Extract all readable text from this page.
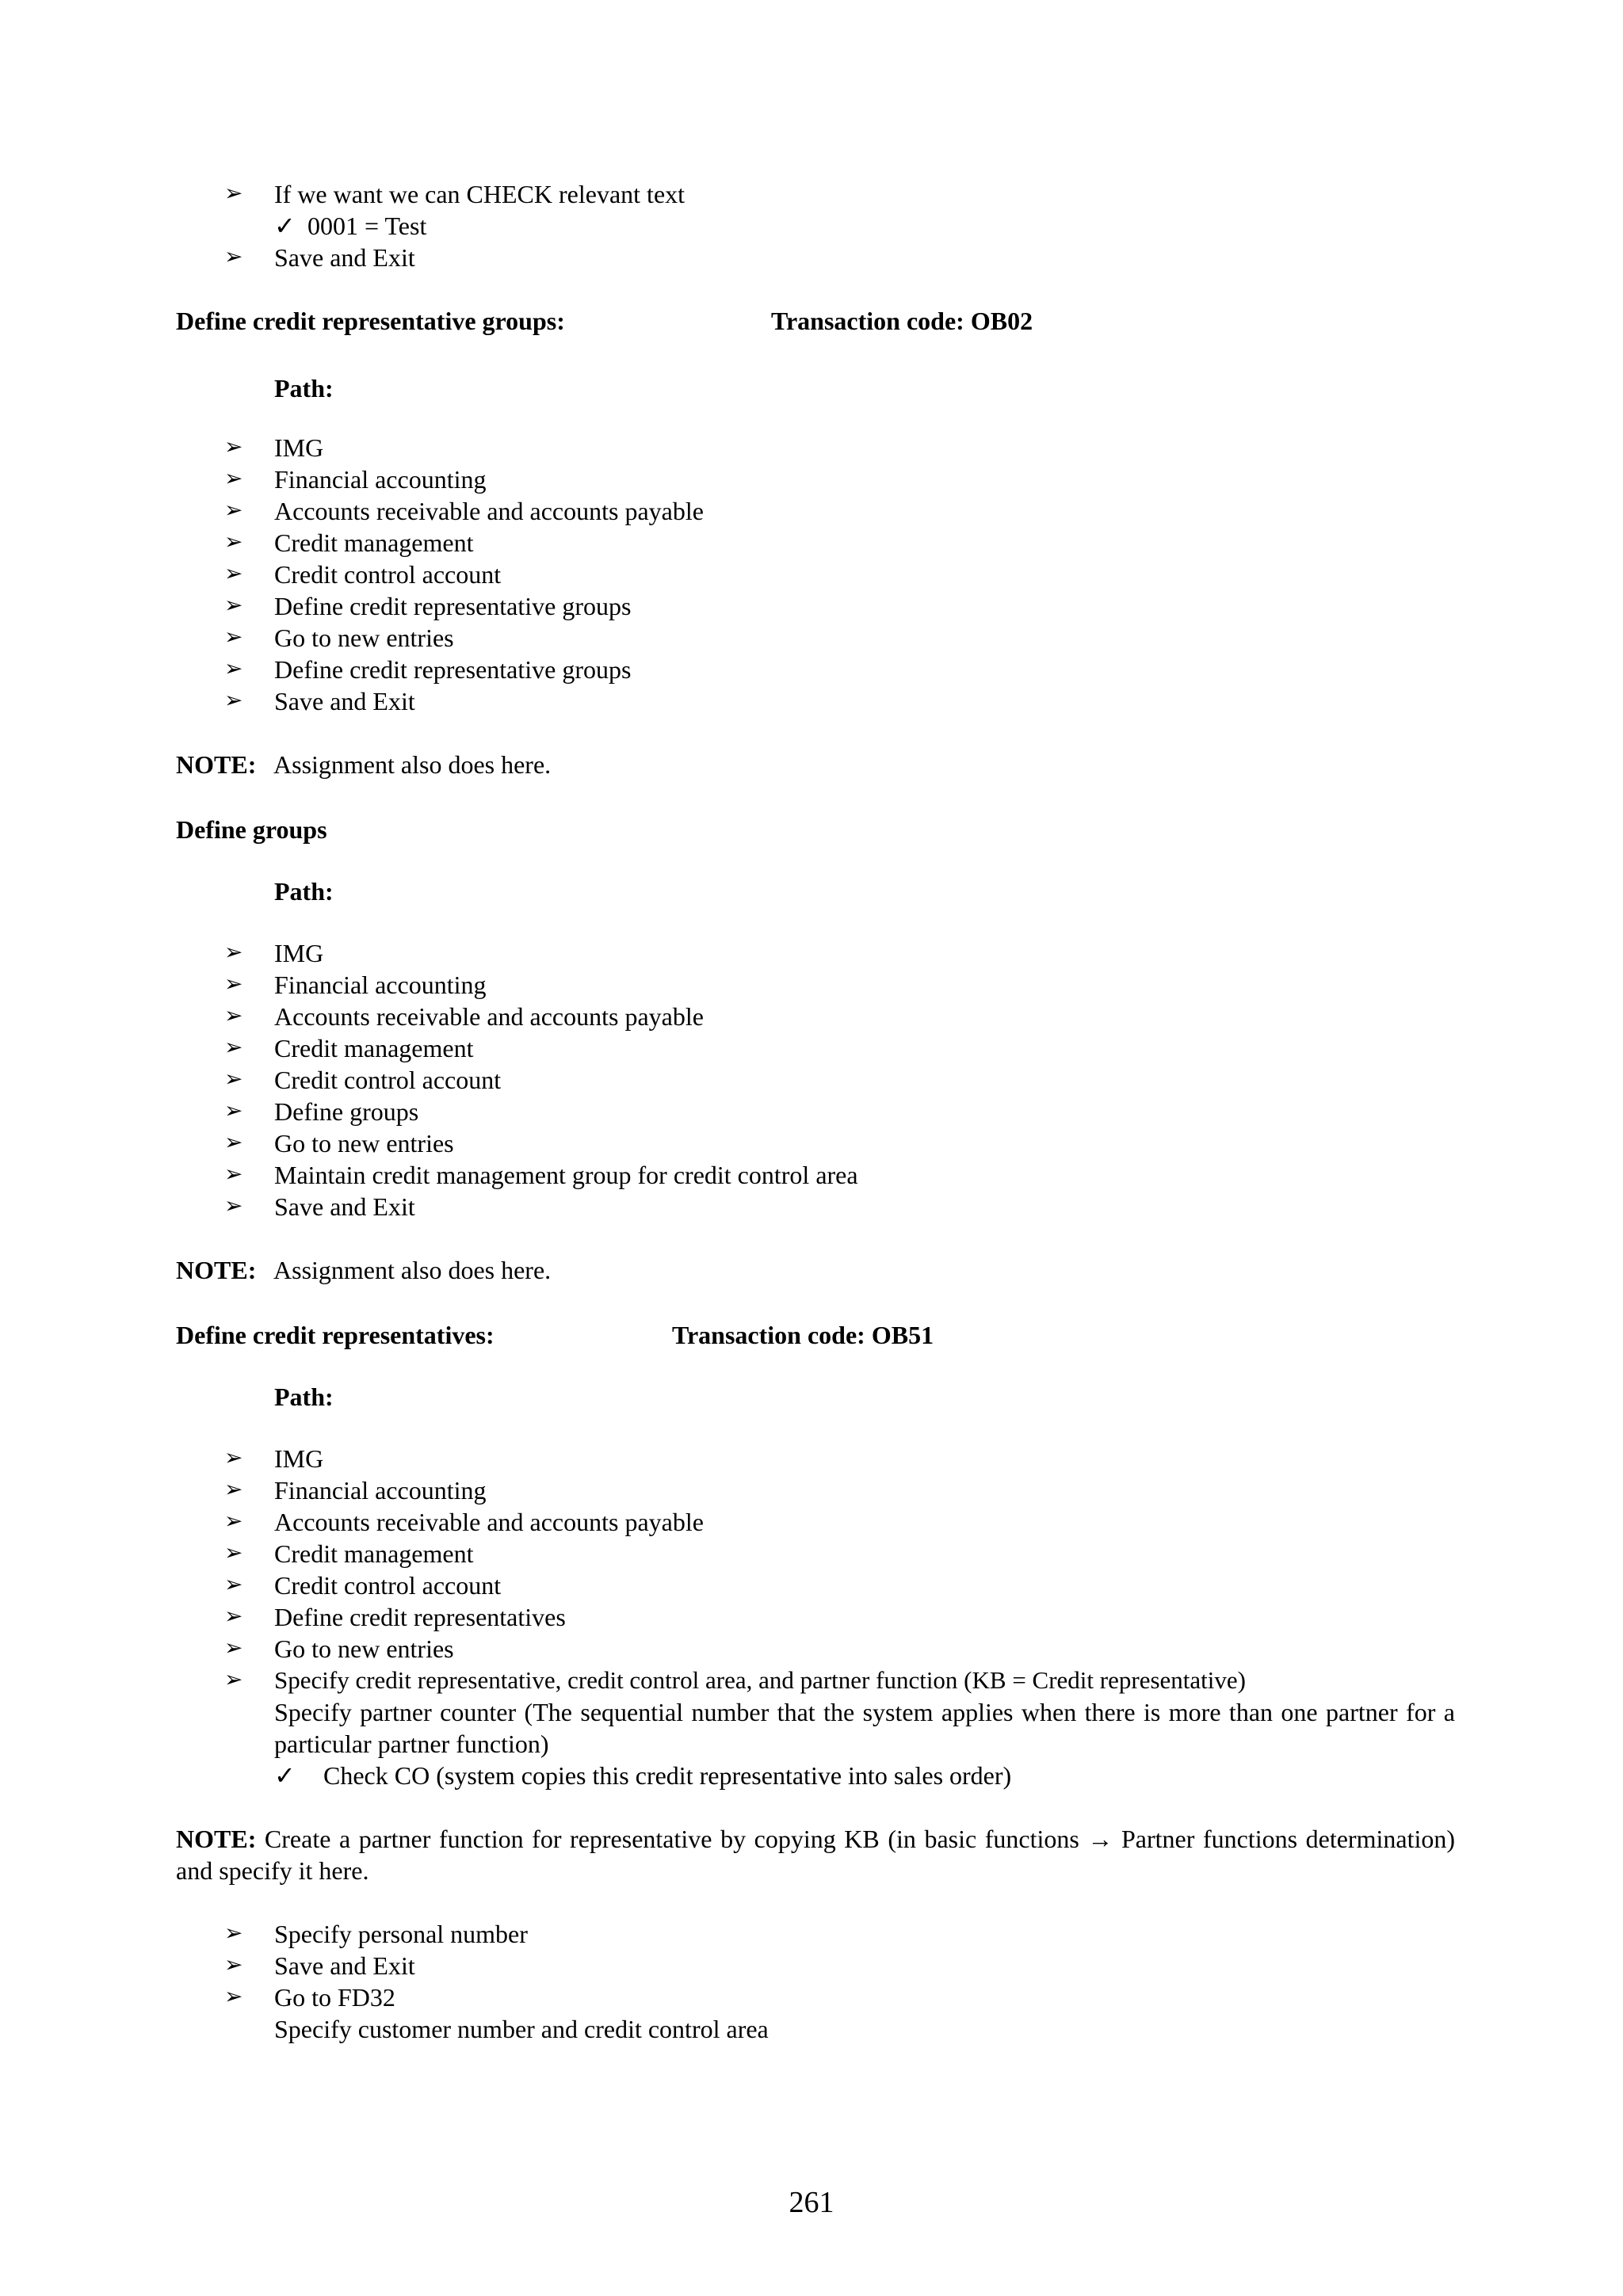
➢ If we want we can CHECK relevant text
✓ 0001 = Test
➢ Save and Exit
Define credit representative groups:	Transaction code: OB02
Path:
➢ IMG
➢ Financial accounting
➢ Accounts receivable and accounts payable
➢ Credit management
➢ Credit control account
➢ Define credit representative groups
➢ Go to new entries
➢ Define credit representative groups
➢ Save and Exit
NOTE: Assignment also does here.
Define groups
Path:
➢ IMG
➢ Financial accounting
➢ Accounts receivable and accounts payable
➢ Credit management
➢ Credit control account
➢ Define groups
➢ Go to new entries
➢ Maintain credit management group for credit control area
➢ Save and Exit
NOTE: Assignment also does here.
Define credit representatives:	Transaction code: OB51
Path:
➢ IMG
➢ Financial accounting
➢ Accounts receivable and accounts payable
➢ Credit management
➢ Credit control account
➢ Define credit representatives
➢ Go to new entries
➢ Specify credit representative, credit control area, and partner function (KB = Credit representative)
Specify partner counter (The sequential number that the system applies when there is more than one partner for a particular partner function)
✓ Check CO (system copies this credit representative into sales order)
NOTE: Create a partner function for representative by copying KB (in basic functions → Partner functions determination) and specify it here.
➢ Specify personal number
➢ Save and Exit
➢ Go to FD32
Specify customer number and credit control area
261
